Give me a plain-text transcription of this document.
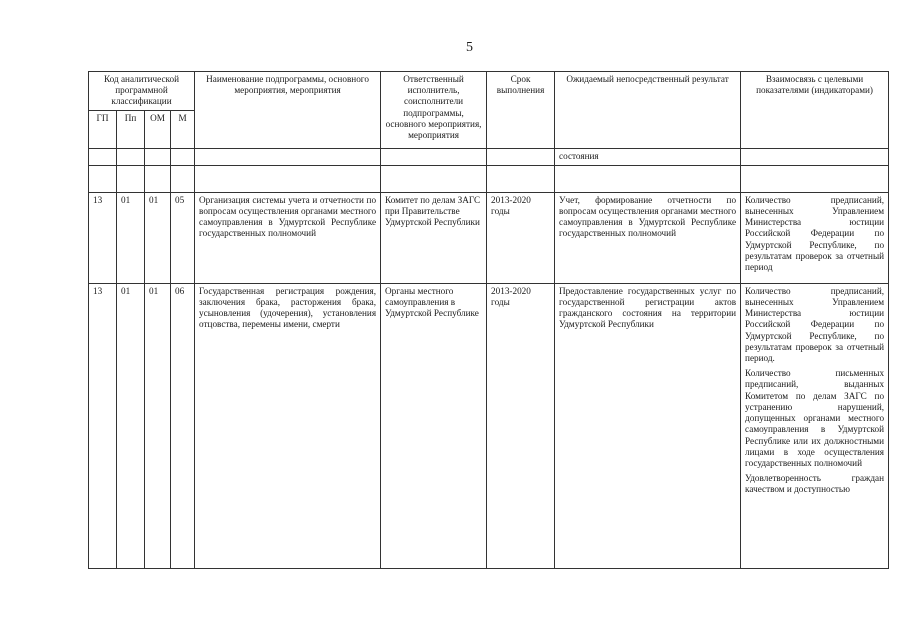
5
Код аналитической программной классификации				Наименование подпрограммы, основного мероприятия, мероприятия	Ответственный исполнитель, соисполнители подпрограммы, основного мероприятия, мероприятия	Срок выполнения	Ожидаемый непосредственный результат	Взаимосвязь с целевыми показателями (индикаторами)
ГП	Пп	ОМ	М					
							состояния	

13	01	01	05	Организация системы учета и отчетности по вопросам осуществления органами местного самоуправления в Удмуртской Республике государственных полномочий	Комитет по делам ЗАГС при Правительстве Удмуртской Республики	2013-2020 годы	Учет, формирование отчетности по вопросам осуществления органами местного самоуправления в Удмуртской Республике государственных полномочий	Количество предписаний, вынесенных Управлением Министерства юстиции Российской Федерации по Удмуртской Республике, по результатам проверок за отчетный период

13	01	01	06	Государственная регистрация рождения, заключения брака, расторжения брака, усыновления (удочерения), установления отцовства, перемены имени, смерти	Органы местного самоуправления в Удмуртской Республике	2013-2020 годы	Предоставление государственных услуг по государственной регистрации актов гражданского состояния на территории Удмуртской Республики	Количество предписаний, вынесенных Управлением Министерства юстиции Российской Федерации по Удмуртской Республике, по результатам проверок за отчетный период.

Количество письменных предписаний, выданных Комитетом по делам ЗАГС по устранению нарушений, допущенных органами местного самоуправления в Удмуртской Республике или их должностными лицами в ходе осуществления государственных полномочий

Удовлетворенность граждан качеством и доступностью
